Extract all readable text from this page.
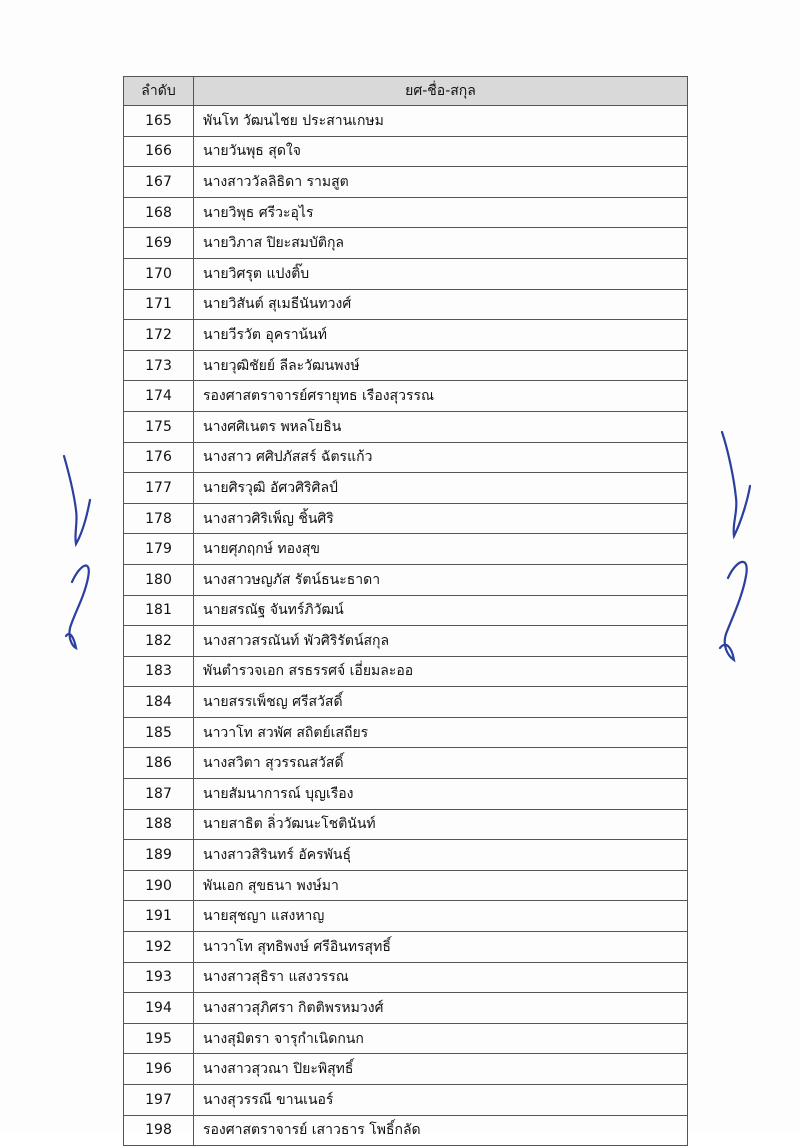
ลำดับ	ยศ-ชื่อ-สกุล
165	พันโท วัฒนไชย ประสานเกษม
166	นายวันพุธ สุดใจ
167	นางสาววัลลิธิดา รามสูต
168	นายวิพุธ ศรีวะอุไร
169	นายวิภาส ปิยะสมบัติกุล
170	นายวิศรุต แปงติ๊บ
171	นายวิสันต์ สุเมธีนันทวงศ์
172	นายวีรวัต อุคราน้นท์
173	นายวุฒิชัยย์ ลีละวัฒนพงษ์
174	รองศาสตราจารย์ศรายุทธ เรืองสุวรรณ
175	นางศศิเนตร พหลโยธิน
176	นางสาว ศศิปภัสสร์ ฉัตรแก้ว
177	นายศิรวุฒิ อัศวศิริศิลป์
178	นางสาวศิริเพ็ญ ชิ้นศิริ
179	นายศุภฤกษ์ ทองสุข
180	นางสาวษญภัส รัตน์ธนะธาดา
181	นายสรณัฐ จันทร์ภิวัฒน์
182	นางสาวสรณันท์ พัวศิริรัตน์สกุล
183	พันตำรวจเอก สรธรรศจ์ เอี่ยมละออ
184	นายสรรเพ็ชญ ศรีสวัสดิ์
185	นาวาโท สวพัศ สถิตย์เสถียร
186	นางสวิตา สุวรรณสวัสดิ์
187	นายสัมนาการณ์ บุญเรือง
188	นายสาธิต ลิ่ววัฒนะโชตินันท์
189	นางสาวสิรินทร์ อัครพันธุ์
190	พันเอก สุขธนา พงษ์มา
191	นายสุชญา แสงหาญ
192	นาวาโท สุทธิพงษ์ ศรีอินทรสุทธิ์
193	นางสาวสุธิรา แสงวรรณ
194	นางสาวสุภิศรา กิตติพรหมวงศ์
195	นางสุมิตรา จารุกำเนิดกนก
196	นางสาวสุวณา ปิยะพิสุทธิ์
197	นางสุวรรณี ขานเนอร์
198	รองศาสตราจารย์ เสาวธาร โพธิ์กลัด
